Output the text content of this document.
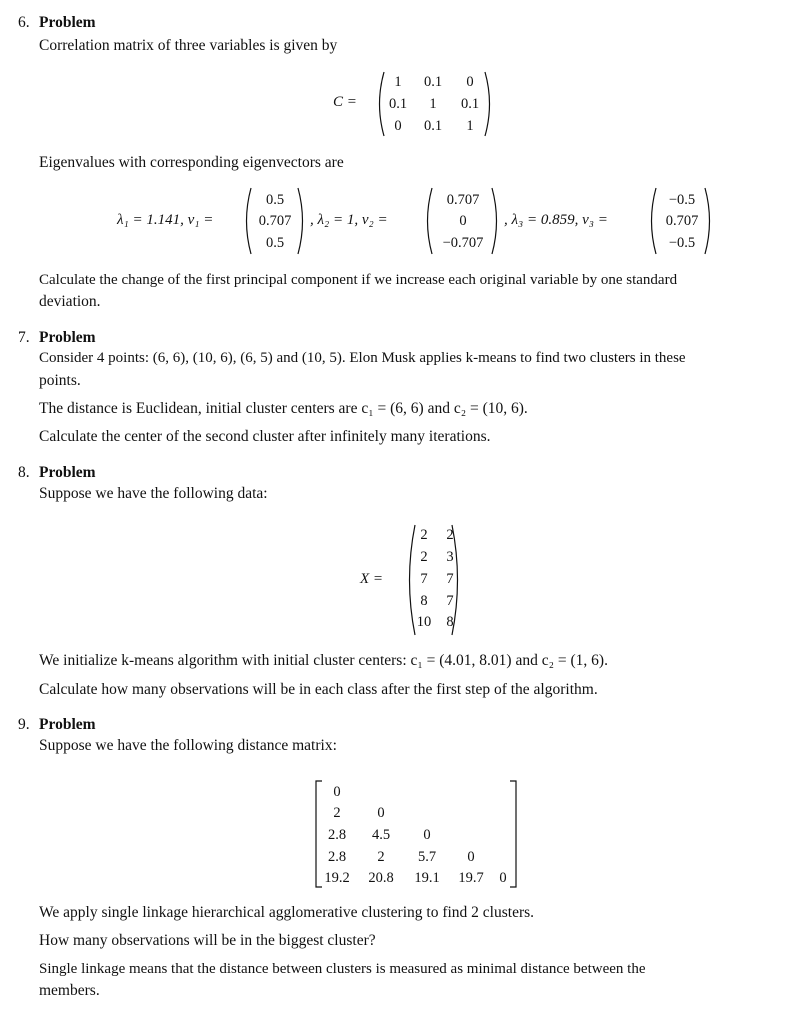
6. Problem
Correlation matrix of three variables is given by
C =
1 0.1 0
0.1 1 0.1
0 0.1 1
Eigenvalues with corresponding eigenvectors are
λ₁ = 1.141, v₁ =
0.5
0.707
0.5
, λ₂ = 1, v₂ =
0.707
0
−0.707
, λ₃ = 0.859, v₃ =
−0.5
0.707
−0.5
Calculate the change of the first principal component if we increase each original variable by one standard
deviation.
7. Problem
Consider 4 points: (6, 6), (10, 6), (6, 5) and (10, 5). Elon Musk applies k-means to find two clusters in these
points.
The distance is Euclidean, initial cluster centers are c₁ = (6, 6) and c₂ = (10, 6).
Calculate the center of the second cluster after infinitely many iterations.
8. Problem
Suppose we have the following data:
X =
2 2
2 3
7 7
8 7
10 8
We initialize k-means algorithm with initial cluster centers: c₁ = (4.01, 8.01) and c₂ = (1, 6).
Calculate how many observations will be in each class after the first step of the algorithm.
9. Problem
Suppose we have the following distance matrix:
0
2	0
2.8 4.5 0
2.8 2 5.7 0
19.2 20.8 19.1 19.7 0
We apply single linkage hierarchical agglomerative clustering to find 2 clusters.
How many observations will be in the biggest cluster?
Single linkage means that the distance between clusters is measured as minimal distance between the
members.
